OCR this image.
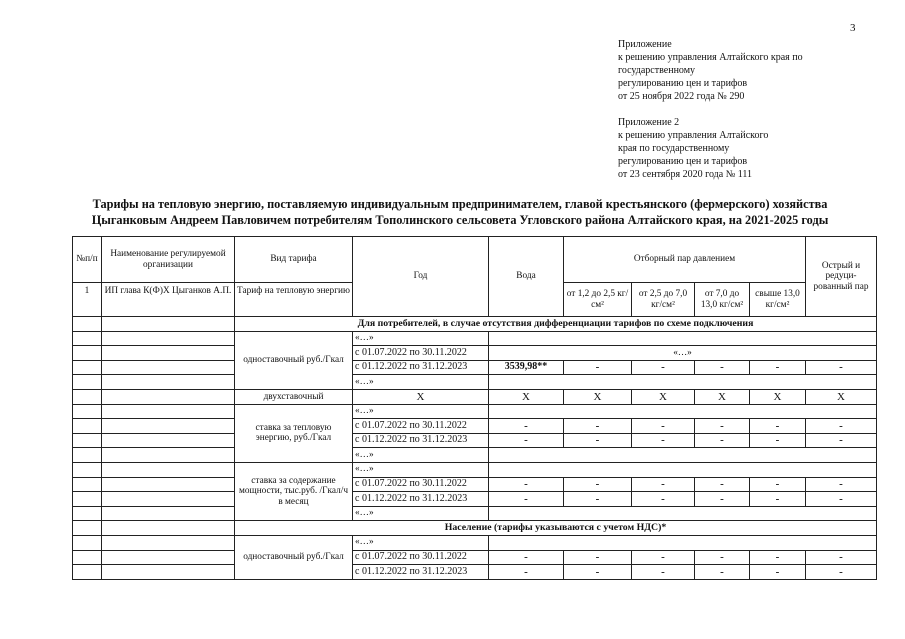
3
Приложение
к решению управления Алтайского края по
государственному
регулированию цен и тарифов
от 25 ноября 2022 года № 290
Приложение 2
к решению управления Алтайского
края по государственному
регулированию цен и тарифов
от 23 сентября 2020 года № 111
Тарифы на тепловую энергию, поставляемую индивидуальным предпринимателем, главой крестьянского (фермерского) хозяйства
Цыганковым Андреем Павловичем потребителям Тополинского сельсовета Угловского района Алтайского края, на 2021-2025 годы
№п/п	Наименование регулируемой организации	Вид тарифа	Год	Вода	Отборный пар давлением				Острый и редуци-рованный пар
1	ИП глава К(Ф)Х Цыганков А.П.	Тариф на тепловую энергию			от 1,2 до 2,5 кг/см²	от 2,5 до 7,0 кг/см²	от 7,0 до 13,0 кг/см²	свыше 13,0 кг/см²	
		Для потребителей, в случае отсутствия дифференциации тарифов по схеме подключения							
		одноставочный руб./Гкал	«…»						
			с 01.07.2022 по 30.11.2022	«…»					
			с 01.12.2022 по 31.12.2023	3539,98**	-	-	-	-	-
			«…»						
		двухставочный	Х	Х	Х	Х	Х	Х	Х
		ставка за тепловую энергию, руб./Гкал	«…»						
			с 01.07.2022 по 30.11.2022	-	-	-	-	-	-
			с 01.12.2022 по 31.12.2023	-	-	-	-	-	-
			«…»						
		ставка за содержание мощности, тыс.руб. /Гкал/ч в месяц	«…»						
			с 01.07.2022 по 30.11.2022	-	-	-	-	-	-
			с 01.12.2022 по 31.12.2023	-	-	-	-	-	-
			«…»						
		Население (тарифы указываются с учетом НДС)*							
		одноставочный руб./Гкал	«…»						
			с 01.07.2022 по 30.11.2022	-	-	-	-	-	-
			с 01.12.2022 по 31.12.2023	-	-	-	-	-	-
